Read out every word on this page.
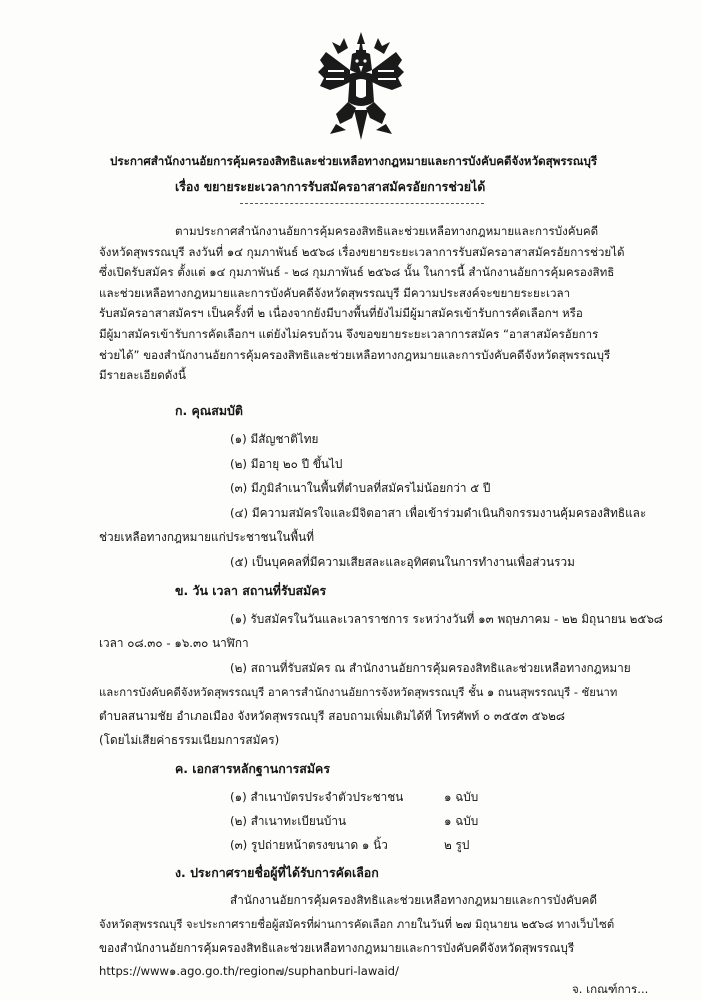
ประกาศสำนักงานอัยการคุ้มครองสิทธิและช่วยเหลือทางกฎหมายและการบังคับคดีจังหวัดสุพรรณบุรี
เรื่อง ขยายระยะเวลาการรับสมัครอาสาสมัครอัยการช่วยได้
ตามประกาศสำนักงานอัยการคุ้มครองสิทธิและช่วยเหลือทางกฎหมายและการบังคับคดี
จังหวัดสุพรรณบุรี ลงวันที่ ๑๔ กุมภาพันธ์ ๒๕๖๘ เรื่องขยายระยะเวลาการรับสมัครอาสาสมัครอัยการช่วยได้
ซึ่งเปิดรับสมัคร ตั้งแต่ ๑๔ กุมภาพันธ์ - ๒๘ กุมภาพันธ์ ๒๕๖๘ นั้น ในการนี้ สำนักงานอัยการคุ้มครองสิทธิ
และช่วยเหลือทางกฎหมายและการบังคับคดีจังหวัดสุพรรณบุรี มีความประสงค์จะขยายระยะเวลา
รับสมัครอาสาสมัครฯ เป็นครั้งที่ ๒ เนื่องจากยังมีบางพื้นที่ยังไม่มีผู้มาสมัครเข้ารับการคัดเลือกฯ หรือ
มีผู้มาสมัครเข้ารับการคัดเลือกฯ แต่ยังไม่ครบถ้วน จึงขอขยายระยะเวลาการสมัคร “อาสาสมัครอัยการ
ช่วยได้” ของสำนักงานอัยการคุ้มครองสิทธิและช่วยเหลือทางกฎหมายและการบังคับคดีจังหวัดสุพรรณบุรี
มีรายละเอียดดังนี้
ก. คุณสมบัติ
(๑) มีสัญชาติไทย
(๒) มีอายุ ๒๐ ปี ขึ้นไป
(๓) มีภูมิลำเนาในพื้นที่ตำบลที่สมัครไม่น้อยกว่า ๕ ปี
(๔) มีความสมัครใจและมีจิตอาสา เพื่อเข้าร่วมดำเนินกิจกรรมงานคุ้มครองสิทธิและ
ช่วยเหลือทางกฎหมายแก่ประชาชนในพื้นที่
(๕) เป็นบุคคลที่มีความเสียสละและอุทิศตนในการทำงานเพื่อส่วนรวม
ข. วัน เวลา สถานที่รับสมัคร
(๑) รับสมัครในวันและเวลาราชการ ระหว่างวันที่ ๑๓ พฤษภาคม - ๒๒ มิถุนายน ๒๕๖๘
เวลา ๐๘.๓๐ - ๑๖.๓๐ นาฬิกา
(๒) สถานที่รับสมัคร ณ สำนักงานอัยการคุ้มครองสิทธิและช่วยเหลือทางกฎหมาย
และการบังคับคดีจังหวัดสุพรรณบุรี อาคารสำนักงานอัยการจังหวัดสุพรรณบุรี ชั้น ๑ ถนนสุพรรณบุรี - ชัยนาท
ตำบลสนามชัย อำเภอเมือง จังหวัดสุพรรณบุรี สอบถามเพิ่มเติมได้ที่ โทรศัพท์ ๐ ๓๕๕๓ ๕๖๒๘
(โดยไม่เสียค่าธรรมเนียมการสมัคร)
ค. เอกสารหลักฐานการสมัคร
(๑) สำเนาบัตรประจำตัวประชาชน	๑ ฉบับ
(๒) สำเนาทะเบียนบ้าน	๑ ฉบับ
(๓) รูปถ่ายหน้าตรงขนาด ๑ นิ้ว	๒ รูป
ง. ประกาศรายชื่อผู้ที่ได้รับการคัดเลือก
สำนักงานอัยการคุ้มครองสิทธิและช่วยเหลือทางกฎหมายและการบังคับคดี
จังหวัดสุพรรณบุรี จะประกาศรายชื่อผู้สมัครที่ผ่านการคัดเลือก ภายในวันที่ ๒๗ มิถุนายน ๒๕๖๘ ทางเว็บไซต์
ของสำนักงานอัยการคุ้มครองสิทธิและช่วยเหลือทางกฎหมายและการบังคับคดีจังหวัดสุพรรณบุรี
https://www๑.ago.go.th/region๗/suphanburi-lawaid/
จ. เกณฑ์การ...
